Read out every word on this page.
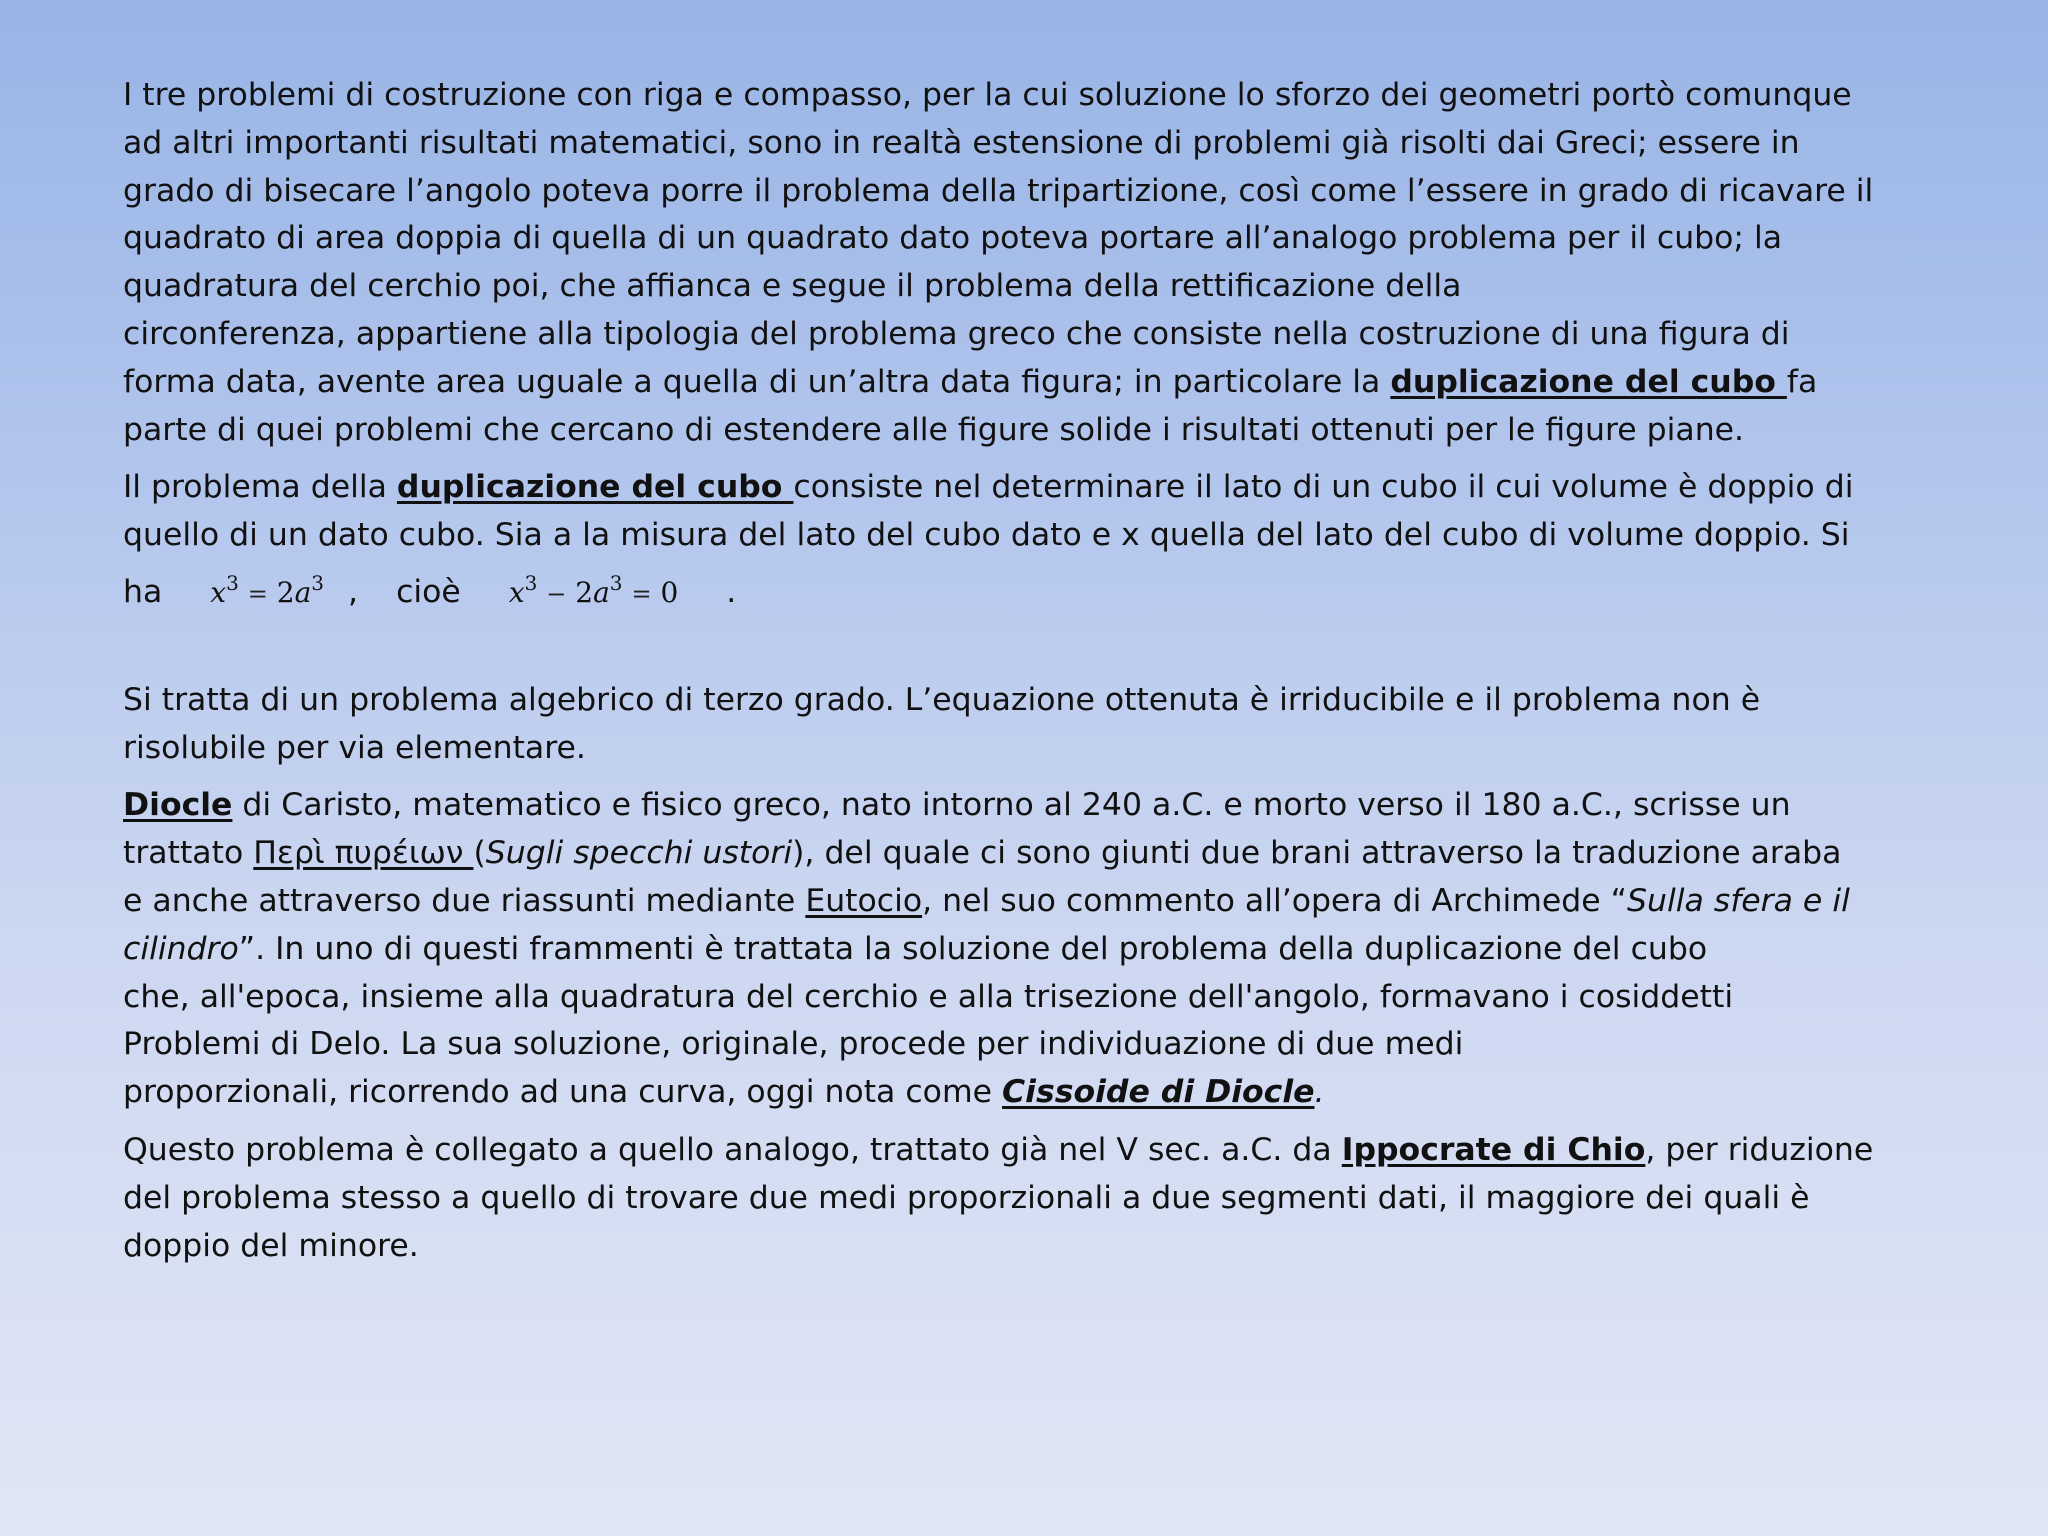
I tre problemi di costruzione con riga e compasso, per la cui soluzione lo sforzo dei geometri portò comunque
ad altri importanti risultati matematici, sono in realtà estensione di problemi già risolti dai Greci; essere in
grado di bisecare l’angolo poteva porre il problema della tripartizione, così come l’essere in grado di ricavare il
quadrato di area doppia di quella di un quadrato dato poteva portare all’analogo problema per il cubo; la
quadratura del cerchio poi, che affianca e segue il problema della rettificazione della
circonferenza, appartiene alla tipologia del problema greco che consiste nella costruzione di una figura di
forma data, avente area uguale a quella di un’altra data figura; in particolare la duplicazione del cubo fa
parte di quei problemi che cercano di estendere alle figure solide i risultati ottenuti per le figure piane.
Il problema della duplicazione del cubo consiste nel determinare il lato di un cubo il cui volume è doppio di
quello di un dato cubo. Sia a la misura del lato del cubo dato e x quella del lato del cubo di volume doppio. Si
ha $x^3 = 2a^3$ , cioè $x^3 - 2a^3 = 0$ .
Si tratta di un problema algebrico di terzo grado. L’equazione ottenuta è irriducibile e il problema non è
risolubile per via elementare.
Diocle di Caristo, matematico e fisico greco, nato intorno al 240 a.C. e morto verso il 180 a.C., scrisse un
trattato Περὶ πυρέιων (Sugli specchi ustori), del quale ci sono giunti due brani attraverso la traduzione araba
e anche attraverso due riassunti mediante Eutocio, nel suo commento all’opera di Archimede “Sulla sfera e il
cilindro”. In uno di questi frammenti è trattata la soluzione del problema della duplicazione del cubo
che, all'epoca, insieme alla quadratura del cerchio e alla trisezione dell'angolo, formavano i cosiddetti
Problemi di Delo. La sua soluzione, originale, procede per individuazione di due medi
proporzionali, ricorrendo ad una curva, oggi nota come Cissoide di Diocle.
Questo problema è collegato a quello analogo, trattato già nel V sec. a.C. da Ippocrate di Chio, per riduzione
del problema stesso a quello di trovare due medi proporzionali a due segmenti dati, il maggiore dei quali è
doppio del minore.
